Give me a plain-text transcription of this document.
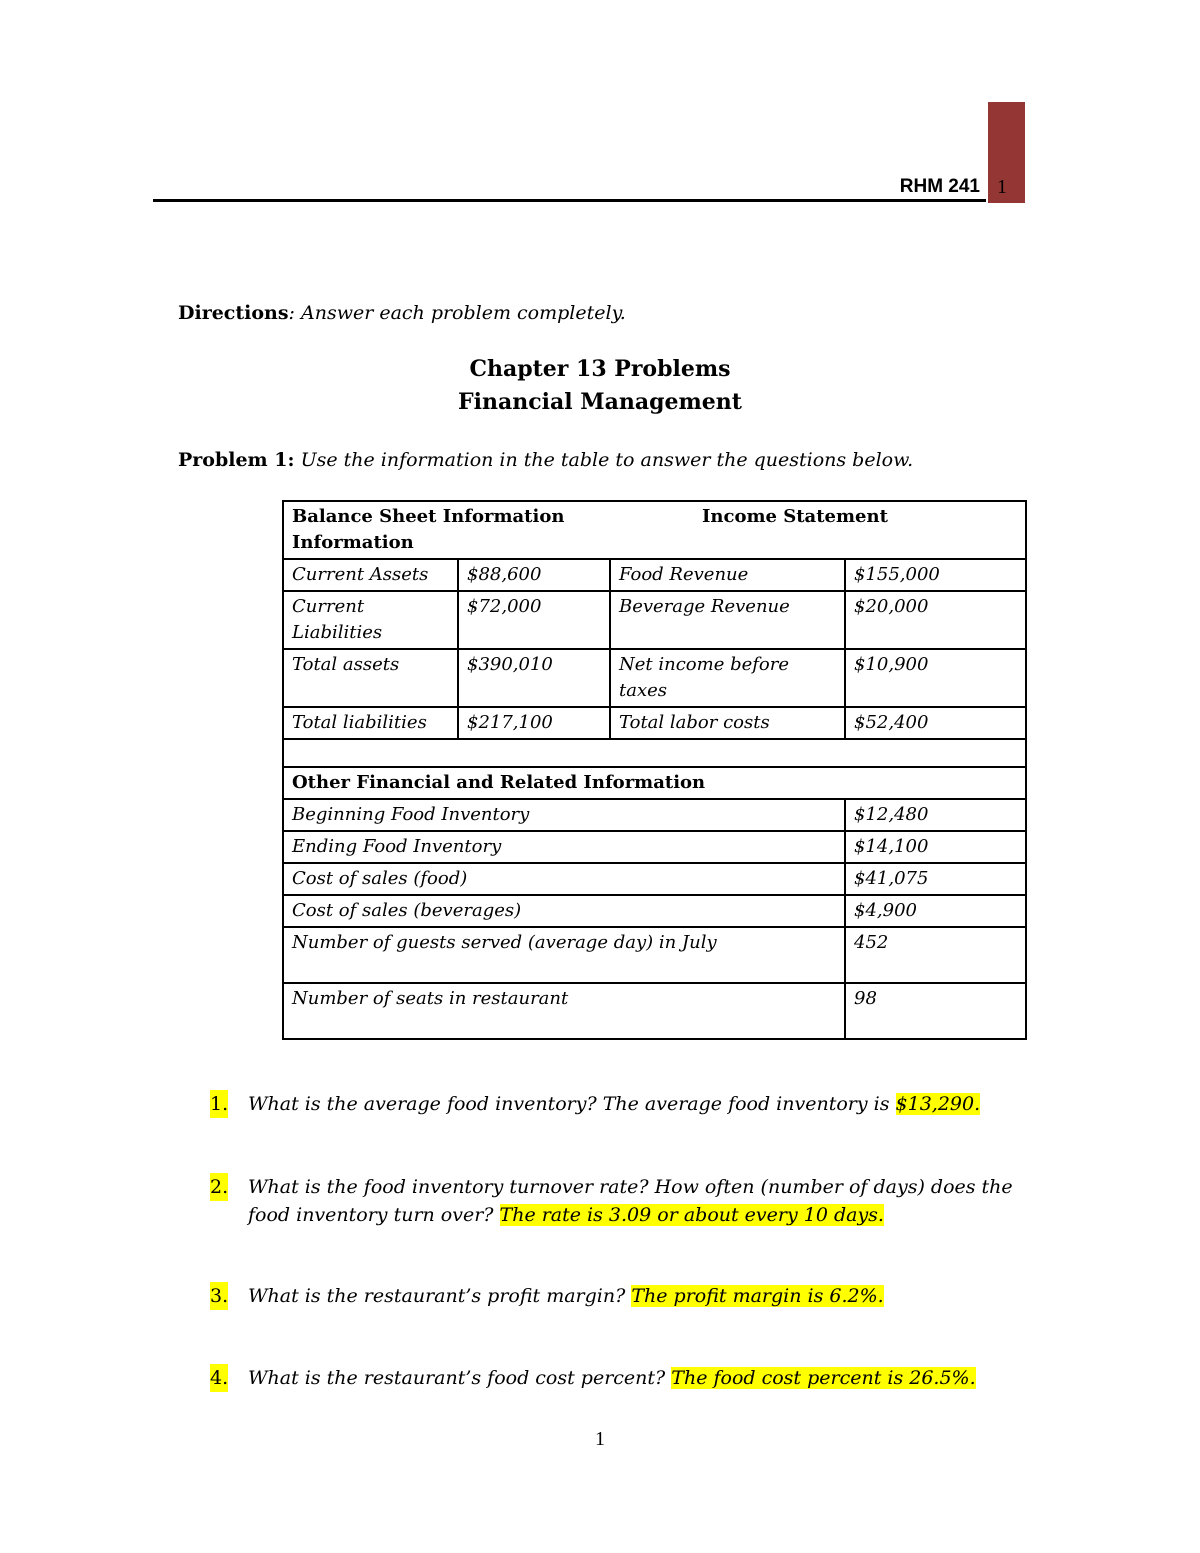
RHM 241 1
Directions: Answer each problem completely.
Chapter 13 Problems
Financial Management
Problem 1: Use the information in the table to answer the questions below.
Balance Sheet Information Income Statement
Information			

Current Assets	$88,600	Food Revenue	$155,000
Current Liabilities	$72,000	Beverage Revenue	$20,000
Total assets	$390,010	Net income before taxes	$10,900
Total liabilities	$217,100	Total labor costs	$52,400

Other Financial and Related Information			
Beginning Food Inventory			$12,480
Ending Food Inventory			$14,100
Cost of sales (food)			$41,075
Cost of sales (beverages)			$4,900
Number of guests served (average day) in July			452
Number of seats in restaurant			98
1. What is the average food inventory? The average food inventory is $13,290.
2. What is the food inventory turnover rate? How often (number of days) does the food inventory turn over? The rate is 3.09 or about every 10 days.
3. What is the restaurant’s profit margin? The profit margin is 6.2%.
4. What is the restaurant’s food cost percent? The food cost percent is 26.5%.
1
